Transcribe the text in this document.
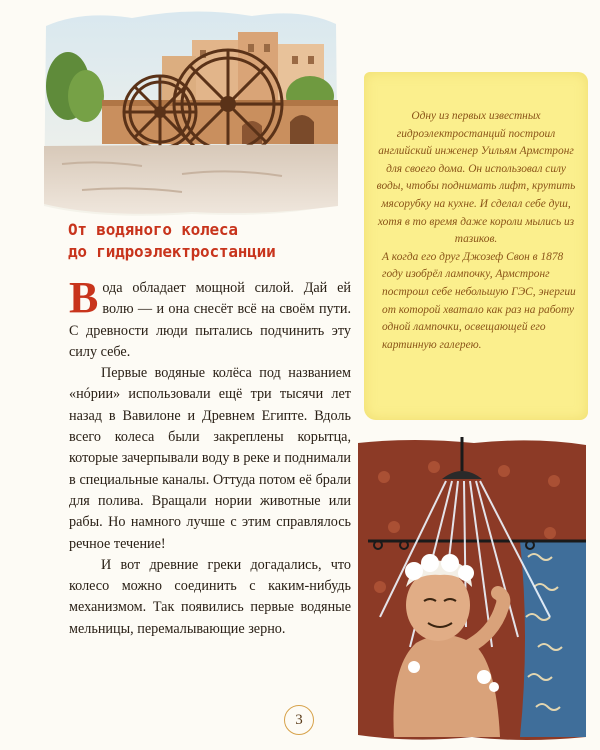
Одну из первых известных гидроэлектростанций построил английский инженер Уильям Армстронг для своего дома. Он использовал силу воды, чтобы поднимать лифт, крутить мясорубку на кухне. И сделал себе душ, хотя в то время даже короли мылись из тазиков.

А когда его друг Джозеф Свон в 1878 году изобрёл лампочку, Армстронг построил себе небольшую ГЭС, энергии от которой хватало как раз на работу одной лампочки, освещающей его картинную галерею.

От водяного колеса
до гидроэлектростанции

Вода обладает мощной силой. Дай ей волю — и она снесёт всё на своём пути. С древности люди пытались подчинить эту силу себе.

Первые водяные колёса под названием «нóрии» использовали ещё три тысячи лет назад в Вавилоне и Древнем Египте. Вдоль всего колеса были закреплены корытца, которые зачерпывали воду в реке и поднимали в специальные каналы. Оттуда потом её брали для полива. Вращали нории животные или рабы. Но намного лучше с этим справлялось речное течение!

И вот древние греки догадались, что колесо можно соединить с каким-нибудь механизмом. Так появились первые водяные мельницы, перемалывающие зерно.

3
